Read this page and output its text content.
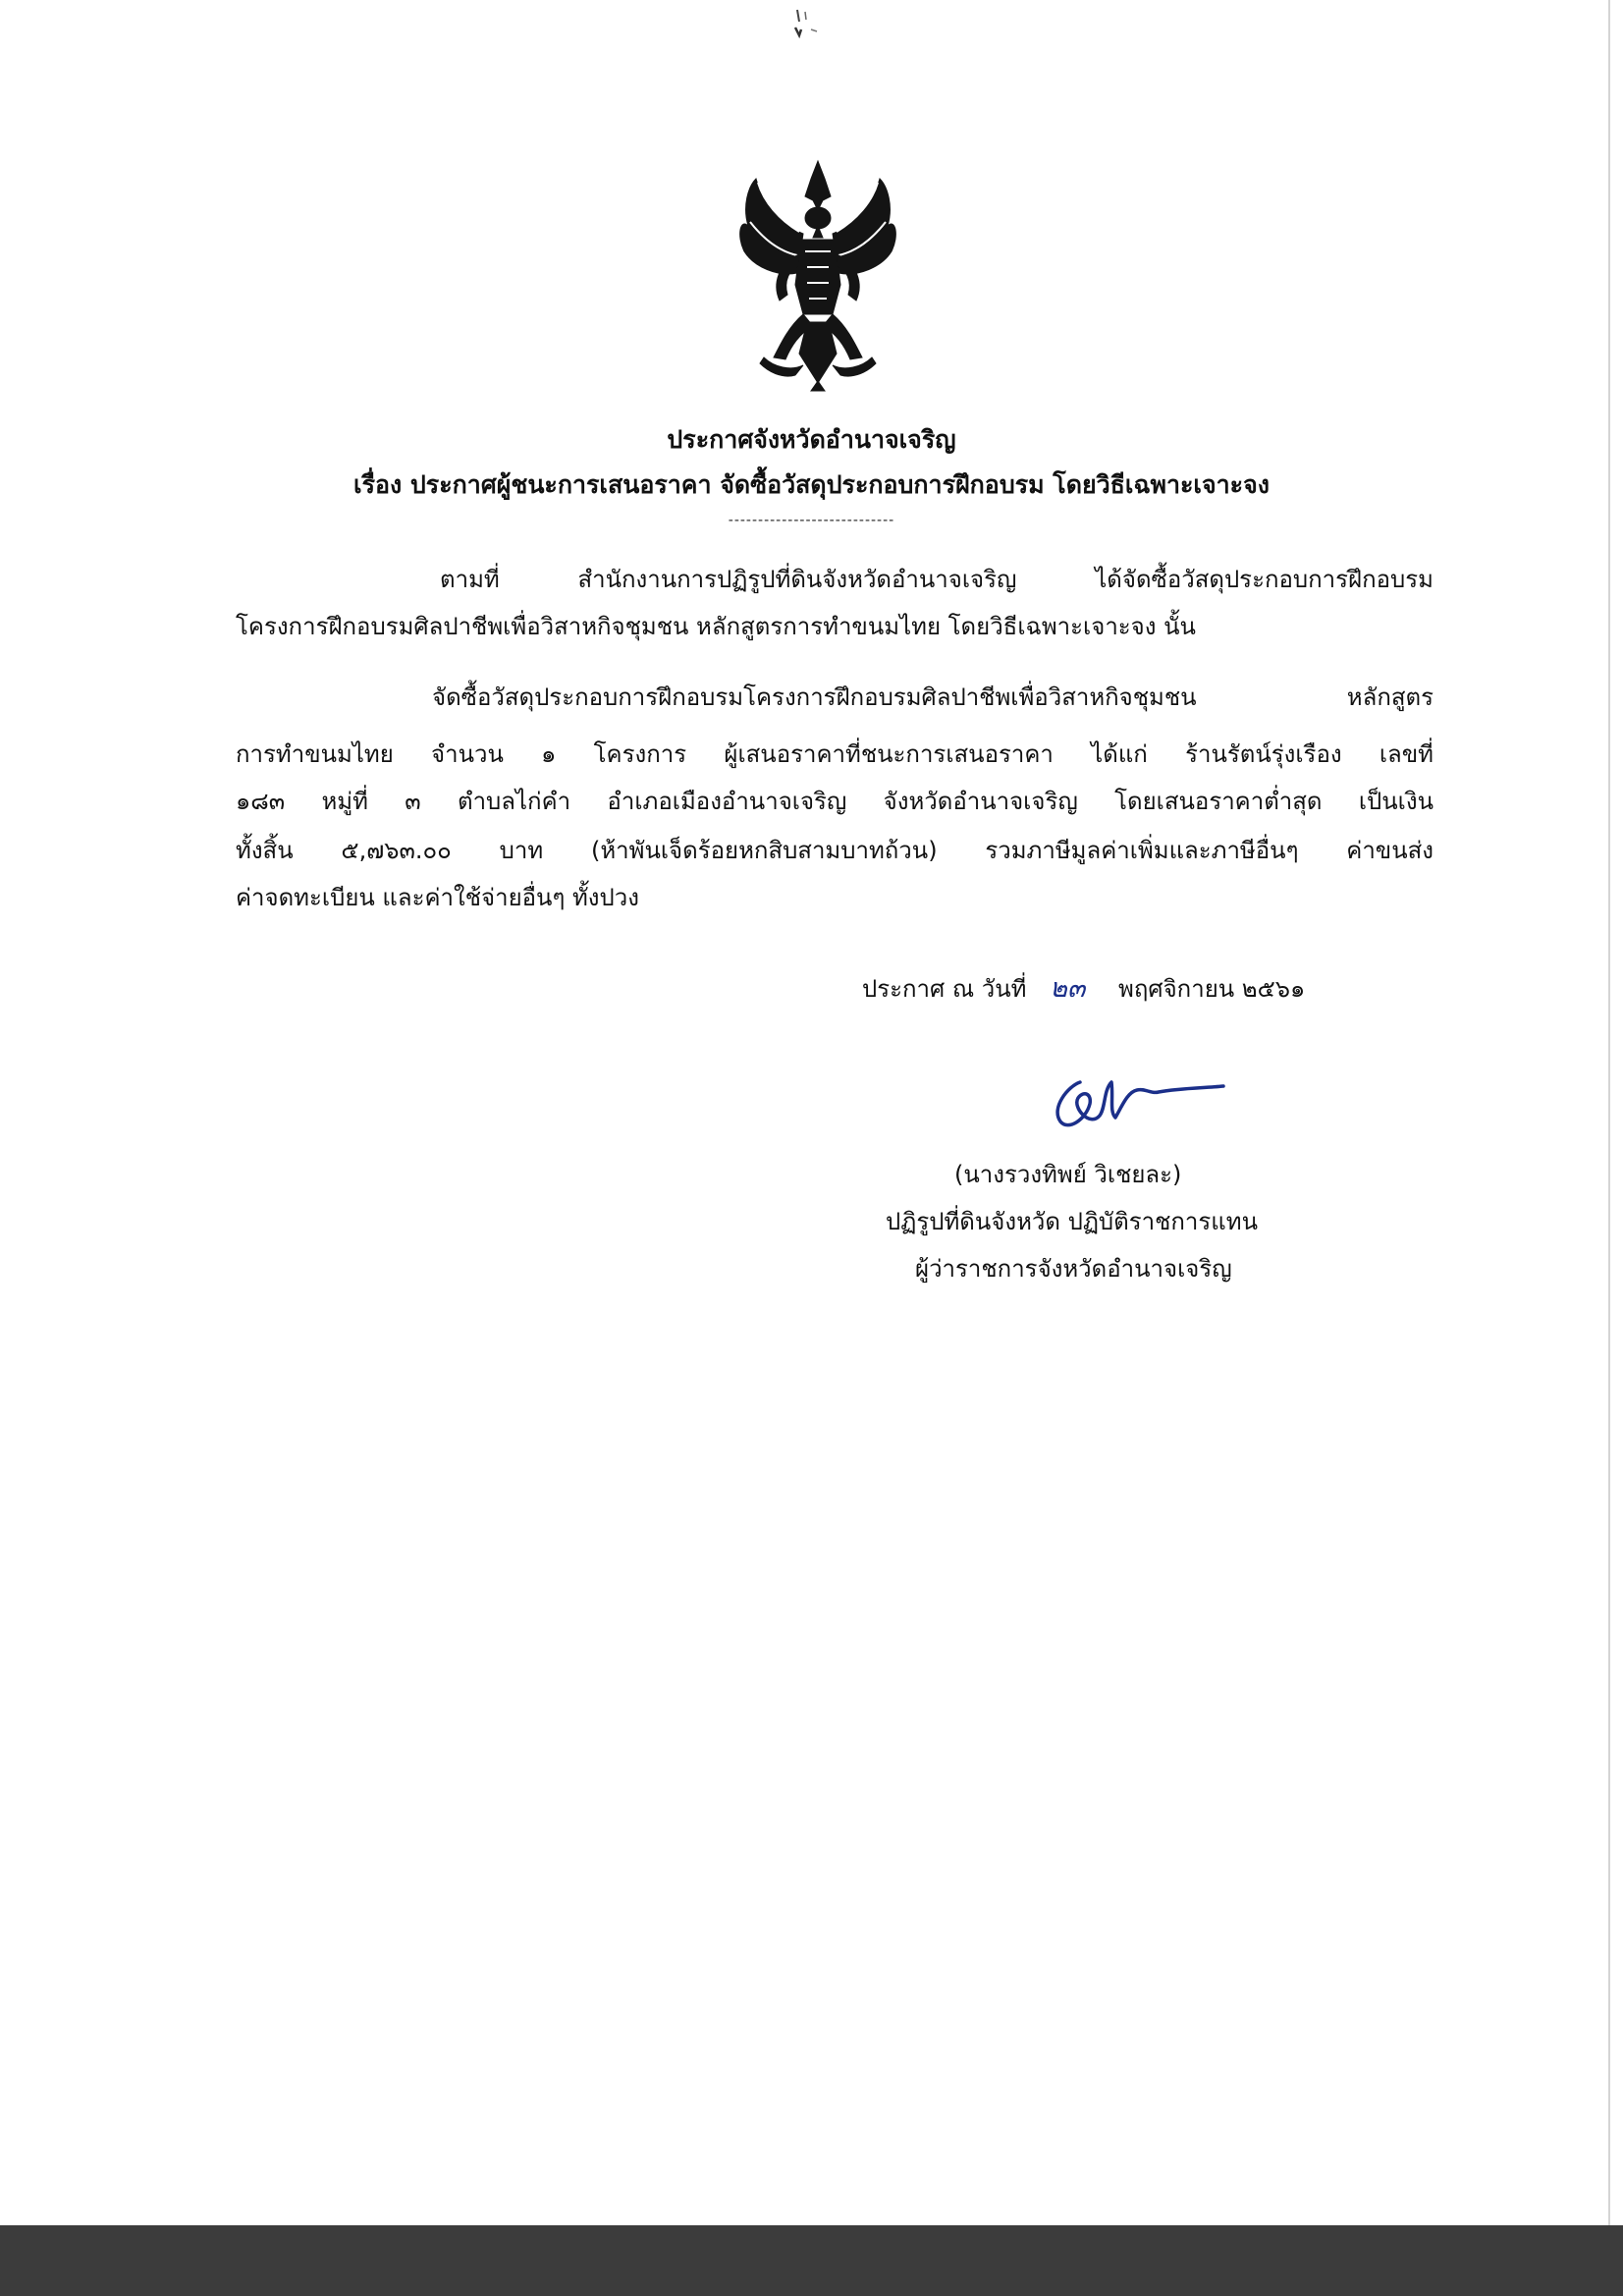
ประกาศจังหวัดอำนาจเจริญ
เรื่อง ประกาศผู้ชนะการเสนอราคา จัดซื้อวัสดุประกอบการฝึกอบรม โดยวิธีเฉพาะเจาะจง
----------------------------
ตามที่ สำนักงานการปฏิรูปที่ดินจังหวัดอำนาจเจริญ ได้จัดซื้อวัสดุประกอบการฝึกอบรม
โครงการฝึกอบรมศิลปาชีพเพื่อวิสาหกิจชุมชน หลักสูตรการทำขนมไทย โดยวิธีเฉพาะเจาะจง นั้น
จัดซื้อวัสดุประกอบการฝึกอบรมโครงการฝึกอบรมศิลปาชีพเพื่อวิสาหกิจชุมชน หลักสูตร
การทำขนมไทย จำนวน ๑ โครงการ ผู้เสนอราคาที่ชนะการเสนอราคา ได้แก่ ร้านรัตน์รุ่งเรือง เลขที่
๑๘๓ หมู่ที่ ๓ ตำบลไก่คำ อำเภอเมืองอำนาจเจริญ จังหวัดอำนาจเจริญ โดยเสนอราคาต่ำสุด เป็นเงิน
ทั้งสิ้น ๕,๗๖๓.๐๐ บาท (ห้าพันเจ็ดร้อยหกสิบสามบาทถ้วน) รวมภาษีมูลค่าเพิ่มและภาษีอื่นๆ ค่าขนส่ง
ค่าจดทะเบียน และค่าใช้จ่ายอื่นๆ ทั้งปวง
ประกาศ ณ วันที่ ๒๓ พฤศจิกายน ๒๕๖๑
(นางรวงทิพย์ วิเชยละ)
ปฏิรูปที่ดินจังหวัด ปฏิบัติราชการแทน
ผู้ว่าราชการจังหวัดอำนาจเจริญ
